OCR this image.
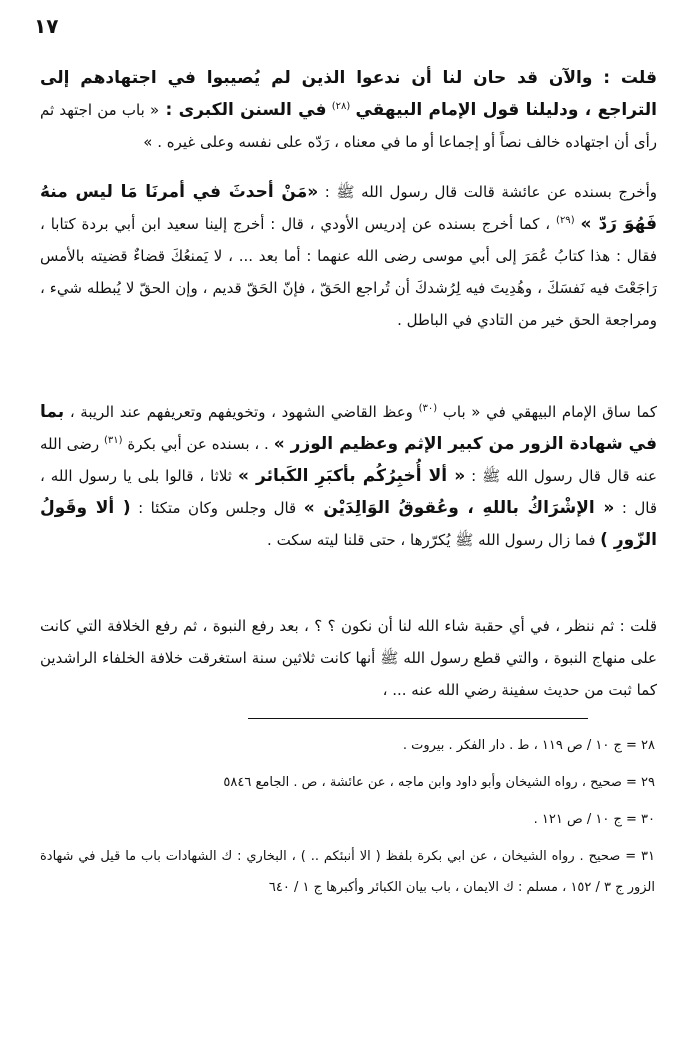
١٧
قلت : والآن قد حان لنا أن ندعوا الذين لم يُصيبوا في اجتهادهم إلى التراجع ، ودليلنا قول الإمام البيهقي $^{(٢٨)}$ في السنن الكبرى : « باب من اجتهد ثم رأى أن اجتهاده خالف نصاً أو إجماعا أو ما في معناه ، رَدّه على نفسه وعلى غيره . »
وأخرج بسنده عن عائشة قالت قال رسول الله ﷺ : «مَنْ أحدثَ في أمرنَا مَا ليس منهُ فَهُوَ رَدّ » $^{(٢٩)}$ ، كما أخرج بسنده عن إدريس الأودي ، قال : أخرج إلينا سعيد ابن أبي بردة كتابا ، فقال : هذا كتابُ عُمَرَ إلى أبي موسى رضى الله عنهما : أما بعد ... ، لا يَمنعُكَ قضاءٌ قضيته بالأمس رَاجَعْتَ فيه نَفسَكَ ، وهُدِيتَ فيه لِرُشدكَ أن تُراجع الحَقّ ، فإنّ الحَقّ قديم ، وإن الحقّ لا يُبطله شيء ، ومراجعة الحق خير من التادي في الباطل .
كما ساق الإمام البيهقي في « باب $^{(٣٠)}$ وعظ القاضي الشهود ، وتخويفهم وتعريفهم عند الريبة ، بما في شهادة الزور من كبير الإثم وعظيم الوزر » . ، بسنده عن أبي بكرة $^{(٣١)}$ رضى الله عنه قال قال رسول الله ﷺ : « ألا أُخبِرُكُم بأكبَرِ الكَبائر » ثلاثا ، قالوا بلى يا رسول الله ، قال : « الإشْرَاكُ باللهِ ، وعُقوقُ الوَالِدَيْن » قال وجلس وكان متكئا : ( ألا وقَولُ الزّورِ ) فما زال رسول الله ﷺ يُكرّرها ، حتى قلنا ليته سكت .
قلت : ثم ننظر ، في أي حقبة شاء الله لنا أن نكون ؟ ؟ ، بعد رفع النبوة ، ثم رفع الخلافة التي كانت على منهاج النبوة ، والتي قطع رسول الله ﷺ أنها كانت ثلاثين سنة استغرقت خلافة الخلفاء الراشدين كما ثبت من حديث سفينة رضي الله عنه ... ،
٢٨ = ج ١٠ / ص ١١٩ ، ط . دار الفكر . بيروت .
٢٩ = صحيح ، رواه الشيخان وأبو داود وابن ماجه ، عن عائشة ، ص . الجامع ٥٨٤٦
٣٠ = ج ١٠ / ص ١٢١ .
٣١ = صحيح . رواه الشيخان ، عن ابي بكرة بلفظ ( الا أنبئكم .. ) ، البخاري : ك الشهادات باب ما قيل في شهادة الزور ج ٣ / ١٥٢ ، مسلم : ك الايمان ، باب بيان الكبائر وأكبرها ج ١ / ٦٤٠
